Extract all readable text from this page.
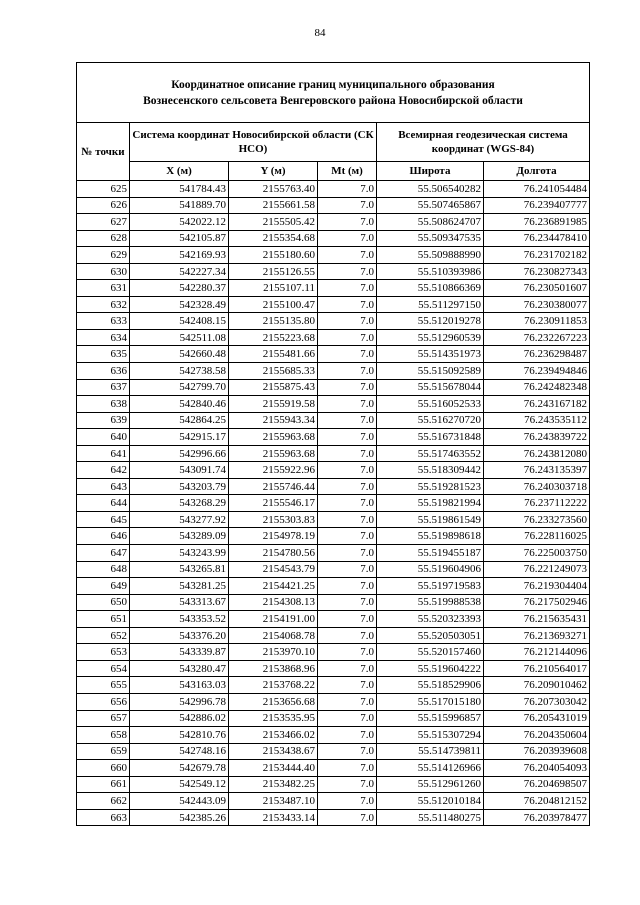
84
Координатное описание границ муниципального образования
Вознесенского сельсовета Венгеровского района Новосибирской области					

№ точки	Система координат Новосибирской области (СК НСО)			Всемирная геодезическая система координат (WGS-84)	
	X (м)	Y (м)	Mt (м)	Широта	Долгота
625	541784.43	2155763.40	7.0	55.506540282	76.241054484
626	541889.70	2155661.58	7.0	55.507465867	76.239407777
627	542022.12	2155505.42	7.0	55.508624707	76.236891985
628	542105.87	2155354.68	7.0	55.509347535	76.234478410
629	542169.93	2155180.60	7.0	55.509888990	76.231702182
630	542227.34	2155126.55	7.0	55.510393986	76.230827343
631	542280.37	2155107.11	7.0	55.510866369	76.230501607
632	542328.49	2155100.47	7.0	55.511297150	76.230380077
633	542408.15	2155135.80	7.0	55.512019278	76.230911853
634	542511.08	2155223.68	7.0	55.512960539	76.232267223
635	542660.48	2155481.66	7.0	55.514351973	76.236298487
636	542738.58	2155685.33	7.0	55.515092589	76.239494846
637	542799.70	2155875.43	7.0	55.515678044	76.242482348
638	542840.46	2155919.58	7.0	55.516052533	76.243167182
639	542864.25	2155943.34	7.0	55.516270720	76.243535112
640	542915.17	2155963.68	7.0	55.516731848	76.243839722
641	542996.66	2155963.68	7.0	55.517463552	76.243812080
642	543091.74	2155922.96	7.0	55.518309442	76.243135397
643	543203.79	2155746.44	7.0	55.519281523	76.240303718
644	543268.29	2155546.17	7.0	55.519821994	76.237112222
645	543277.92	2155303.83	7.0	55.519861549	76.233273560
646	543289.09	2154978.19	7.0	55.519898618	76.228116025
647	543243.99	2154780.56	7.0	55.519455187	76.225003750
648	543265.81	2154543.79	7.0	55.519604906	76.221249073
649	543281.25	2154421.25	7.0	55.519719583	76.219304404
650	543313.67	2154308.13	7.0	55.519988538	76.217502946
651	543353.52	2154191.00	7.0	55.520323393	76.215635431
652	543376.20	2154068.78	7.0	55.520503051	76.213693271
653	543339.87	2153970.10	7.0	55.520157460	76.212144096
654	543280.47	2153868.96	7.0	55.519604222	76.210564017
655	543163.03	2153768.22	7.0	55.518529906	76.209010462
656	542996.78	2153656.68	7.0	55.517015180	76.207303042
657	542886.02	2153535.95	7.0	55.515996857	76.205431019
658	542810.76	2153466.02	7.0	55.515307294	76.204350604
659	542748.16	2153438.67	7.0	55.514739811	76.203939608
660	542679.78	2153444.40	7.0	55.514126966	76.204054093
661	542549.12	2153482.25	7.0	55.512961260	76.204698507
662	542443.09	2153487.10	7.0	55.512010184	76.204812152
663	542385.26	2153433.14	7.0	55.511480275	76.203978477
